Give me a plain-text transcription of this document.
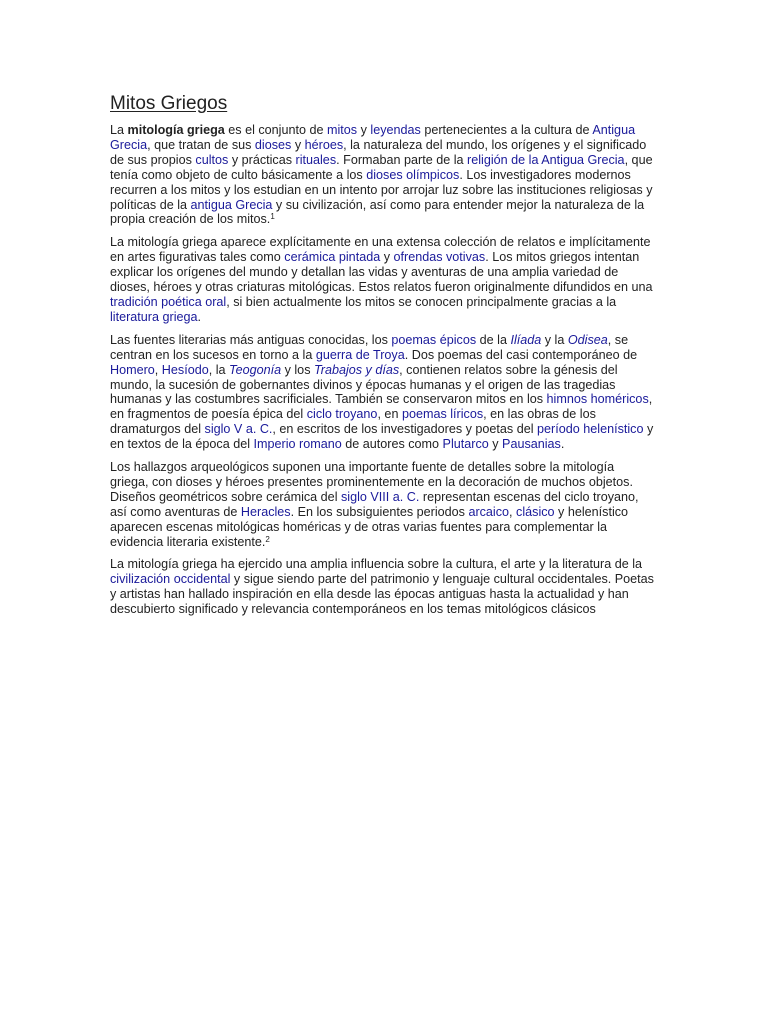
Mitos Griegos

La mitología griega es el conjunto de mitos y leyendas pertenecientes a la cultura de Antigua Grecia, que tratan de sus dioses y héroes, la naturaleza del mundo, los orígenes y el significado de sus propios cultos y prácticas rituales. Formaban parte de la religión de la Antigua Grecia, que tenía como objeto de culto básicamente a los dioses olímpicos. Los investigadores modernos recurren a los mitos y los estudian en un intento por arrojar luz sobre las instituciones religiosas y políticas de la antigua Grecia y su civilización, así como para entender mejor la naturaleza de la propia creación de los mitos.$^1$

La mitología griega aparece explícitamente en una extensa colección de relatos e implícitamente en artes figurativas tales como cerámica pintada y ofrendas votivas. Los mitos griegos intentan explicar los orígenes del mundo y detallan las vidas y aventuras de una amplia variedad de dioses, héroes y otras criaturas mitológicas. Estos relatos fueron originalmente difundidos en una tradición poética oral, si bien actualmente los mitos se conocen principalmente gracias a la literatura griega.

Las fuentes literarias más antiguas conocidas, los poemas épicos de la Ilíada y la Odisea, se centran en los sucesos en torno a la guerra de Troya. Dos poemas del casi contemporáneo de Homero, Hesíodo, la Teogonía y los Trabajos y días, contienen relatos sobre la génesis del mundo, la sucesión de gobernantes divinos y épocas humanas y el origen de las tragedias humanas y las costumbres sacrificiales. También se conservaron mitos en los himnos homéricos, en fragmentos de poesía épica del ciclo troyano, en poemas líricos, en las obras de los dramaturgos del siglo V a. C., en escritos de los investigadores y poetas del período helenístico y en textos de la época del Imperio romano de autores como Plutarco y Pausanias.

Los hallazgos arqueológicos suponen una importante fuente de detalles sobre la mitología griega, con dioses y héroes presentes prominentemente en la decoración de muchos objetos. Diseños geométricos sobre cerámica del siglo VIII a. C. representan escenas del ciclo troyano, así como aventuras de Heracles. En los subsiguientes periodos arcaico, clásico y helenístico aparecen escenas mitológicas homéricas y de otras varias fuentes para complementar la evidencia literaria existente.$^2$

La mitología griega ha ejercido una amplia influencia sobre la cultura, el arte y la literatura de la civilización occidental y sigue siendo parte del patrimonio y lenguaje cultural occidentales. Poetas y artistas han hallado inspiración en ella desde las épocas antiguas hasta la actualidad y han descubierto significado y relevancia contemporáneos en los temas mitológicos clásicos
